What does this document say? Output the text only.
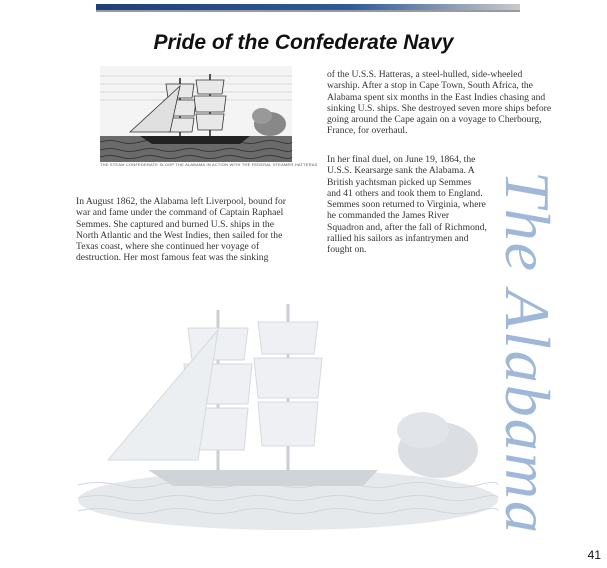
Pride of the Confederate Navy
THE STEAM CONFEDERATE SLOOP THE ALABAMA IN ACTION WITH THE FEDERAL STEAMER HATTERAS

In August 1862, the Alabama left Liverpool, bound for war and fame under the command of Captain Raphael Semmes. She captured and burned U.S. ships in the North Atlantic and the West Indies, then sailed for the Texas coast, where she continued her voyage of destruction. Her most famous feat was the sinking

of the U.S.S. Hatteras, a steel-hulled, side-wheeled warship. After a stop in Cape Town, South Africa, the Alabama spent six months in the East Indies chasing and sinking U.S. ships. She destroyed seven more ships before going around the Cape again on a voyage to Cherbourg, France, for overhaul.

In her final duel, on June 19, 1864, the U.S.S. Kearsarge sank the Alabama. A British yachtsman picked up Semmes and 41 others and took them to England. Semmes soon returned to Virginia, where he commanded the James River Squadron and, after the fall of Richmond, rallied his sailors as infantrymen and fought on.	The Alabama
41
